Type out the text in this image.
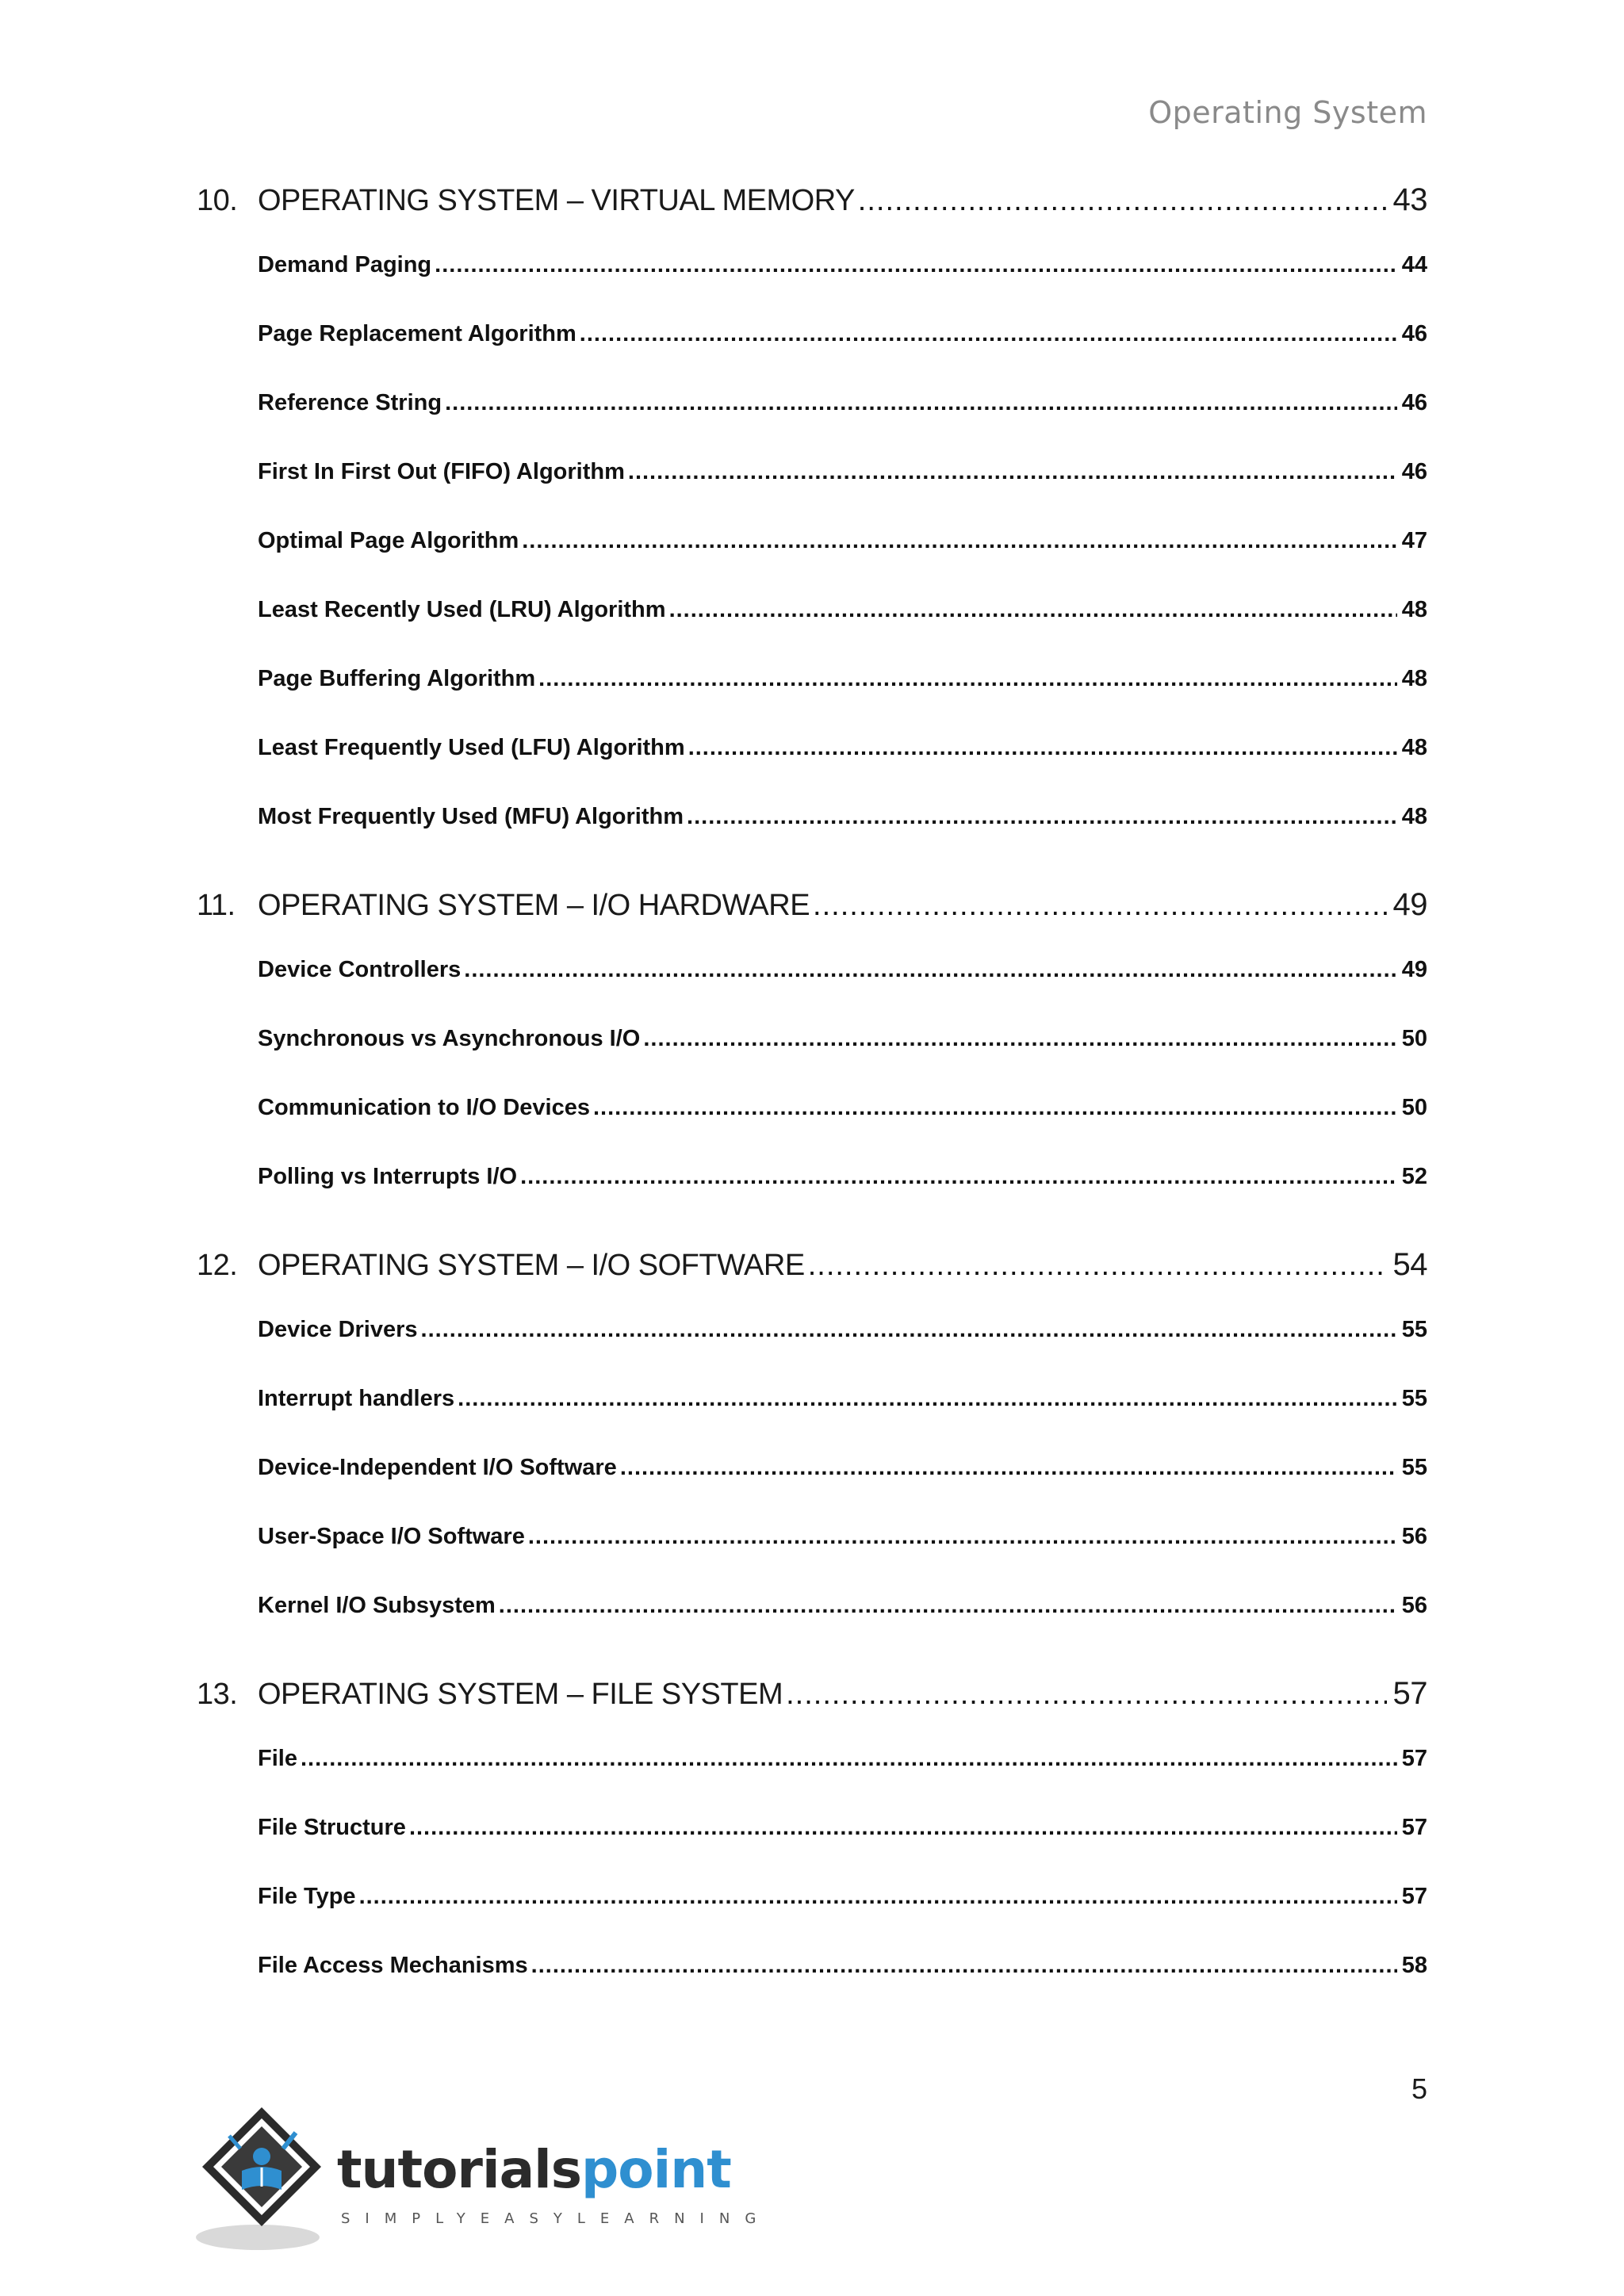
Operating System
10. OPERATING SYSTEM – VIRTUAL MEMORY .....	43
Demand Paging .....	44
Page Replacement Algorithm .....	46
Reference String .....	46
First In First Out (FIFO) Algorithm .....	46
Optimal Page Algorithm .....	47
Least Recently Used (LRU) Algorithm .....	48
Page Buffering Algorithm .....	48
Least Frequently Used (LFU) Algorithm .....	48
Most Frequently Used (MFU) Algorithm .....	48
11. OPERATING SYSTEM – I/O HARDWARE .....	49
Device Controllers .....	49
Synchronous vs Asynchronous I/O .....	50
Communication to I/O Devices .....	50
Polling vs Interrupts I/O .....	52
12. OPERATING SYSTEM – I/O SOFTWARE .....	54
Device Drivers .....	55
Interrupt handlers .....	55
Device-Independent I/O Software .....	55
User-Space I/O Software .....	56
Kernel I/O Subsystem .....	56
13. OPERATING SYSTEM – FILE SYSTEM .....	57
File .....	57
File Structure .....	57
File Type .....	57
File Access Mechanisms .....	58
5
tutorialspoint
SIMPLYEASYLEARNING
